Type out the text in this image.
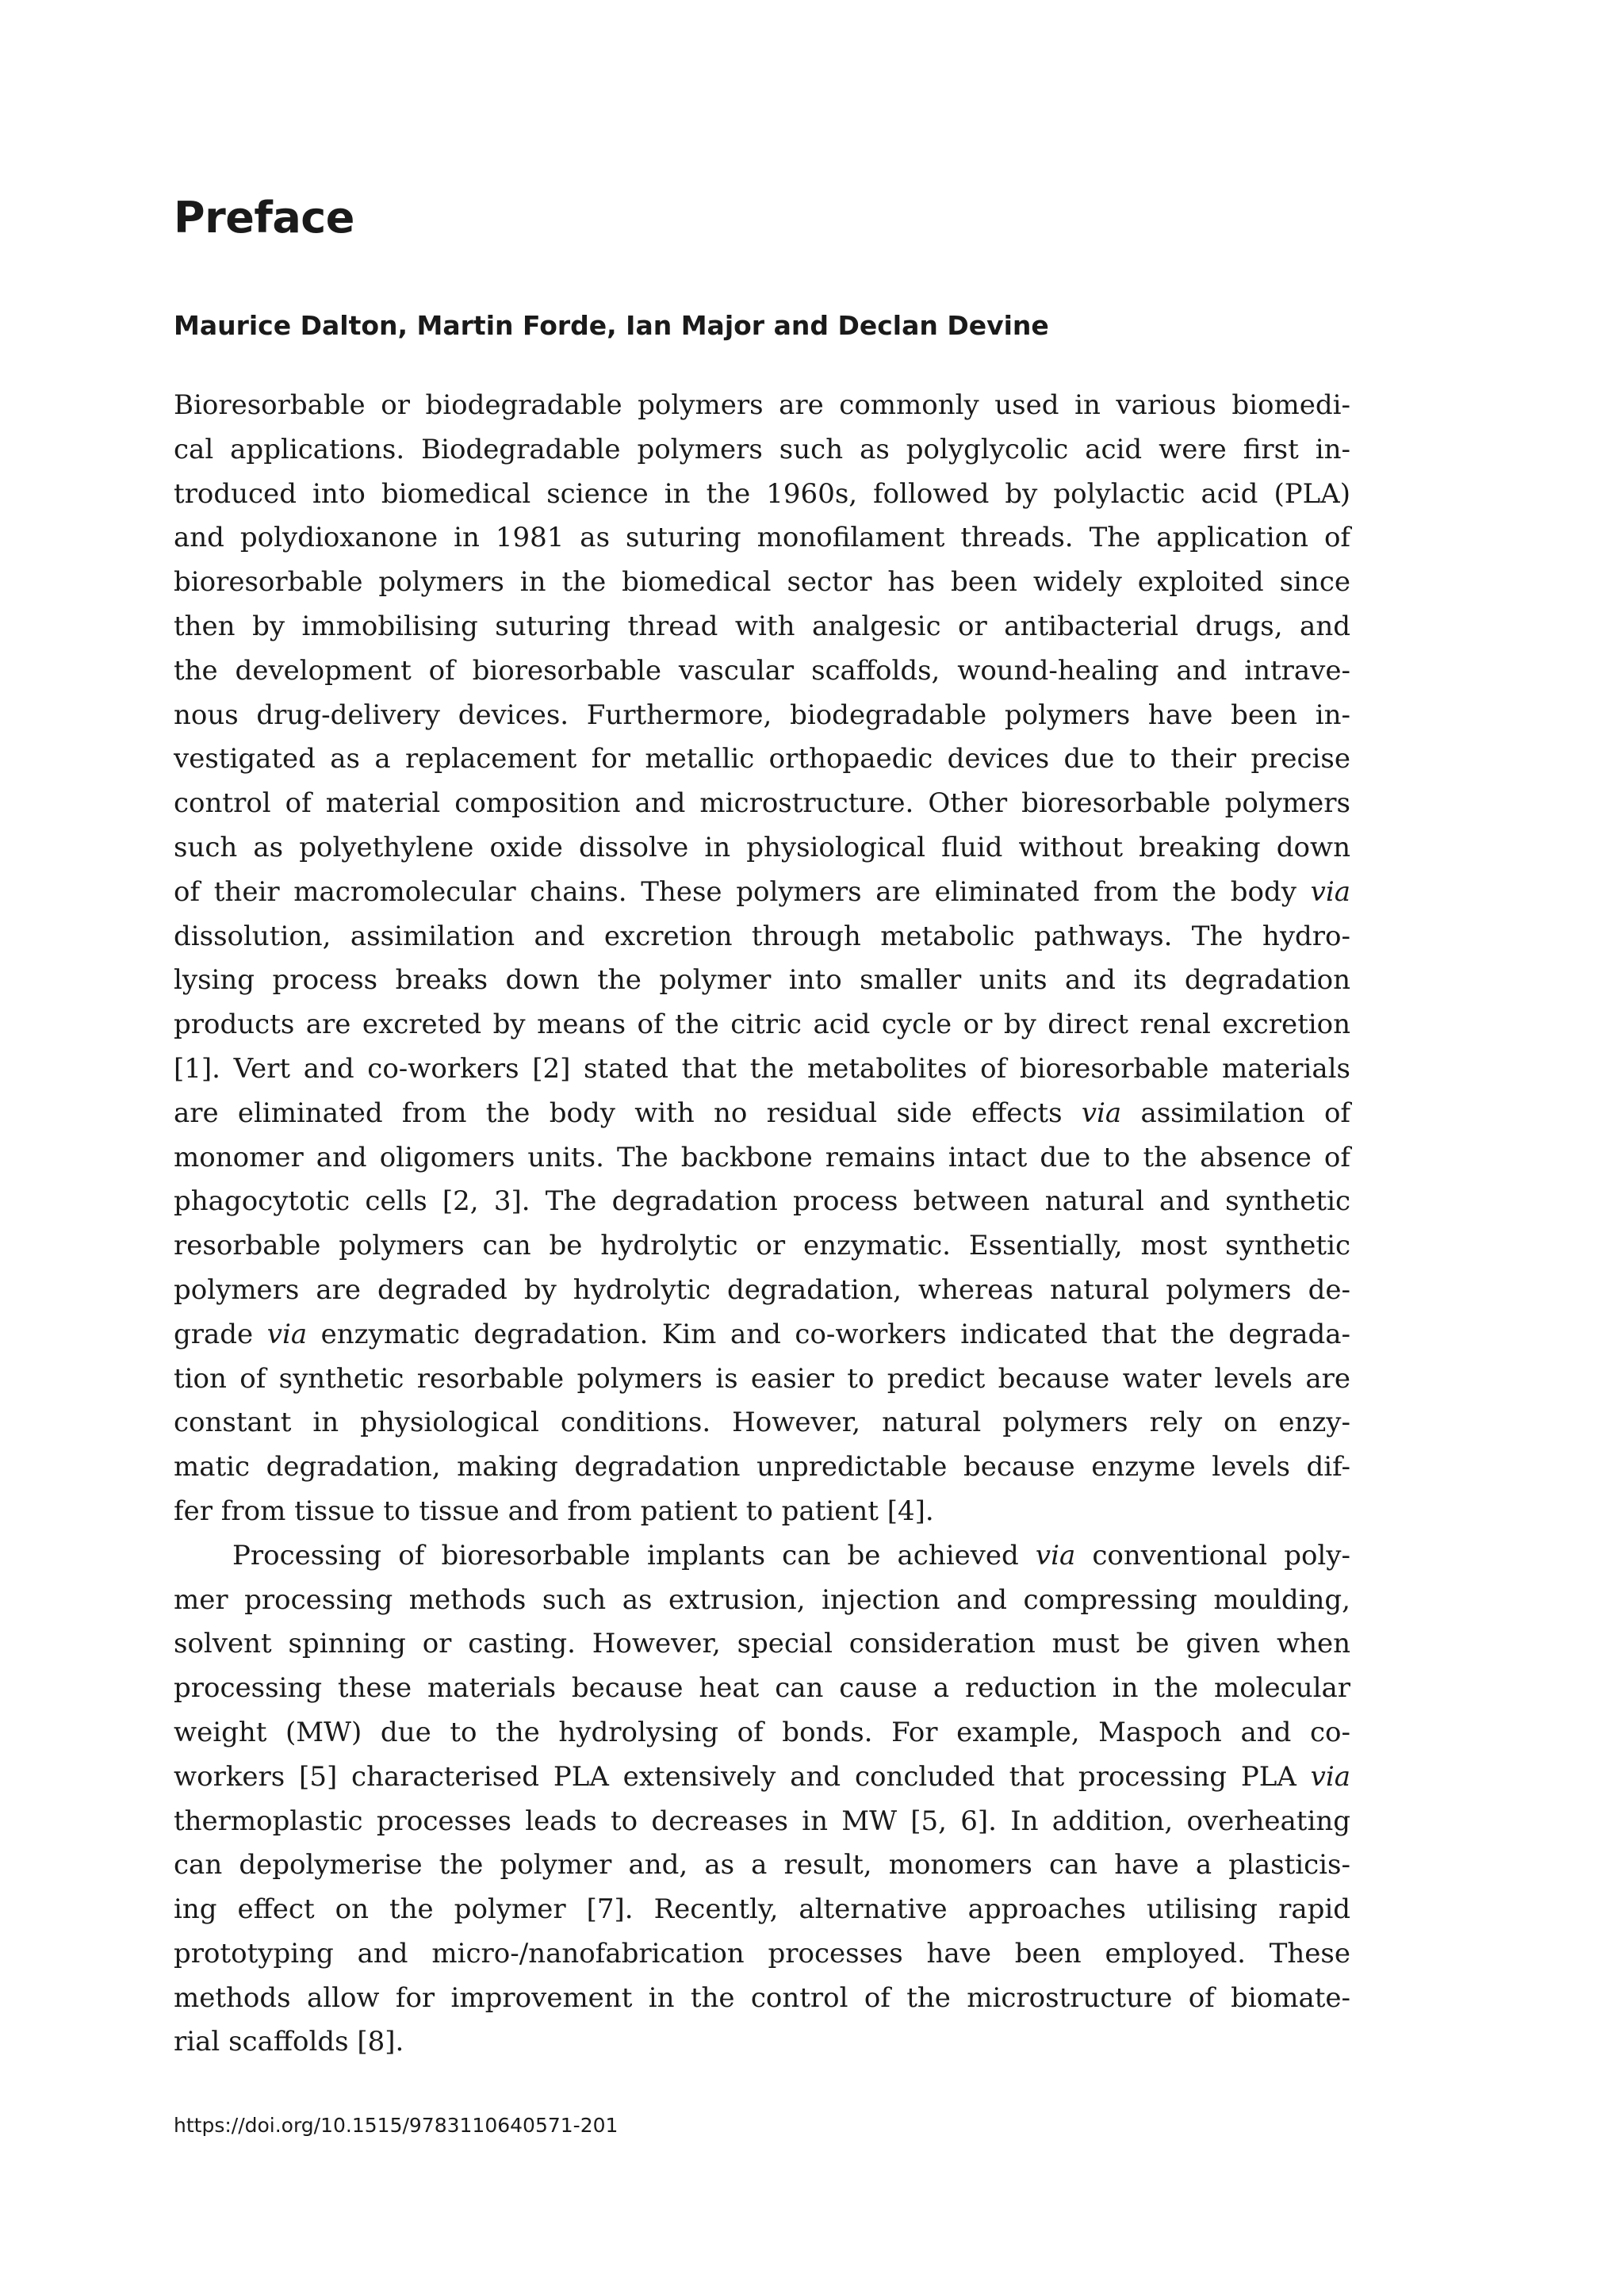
Preface

Maurice Dalton, Martin Forde, Ian Major and Declan Devine

Bioresorbable or biodegradable polymers are commonly used in various biomedi-
cal applications. Biodegradable polymers such as polyglycolic acid were first in-
troduced into biomedical science in the 1960s, followed by polylactic acid (PLA)
and polydioxanone in 1981 as suturing monofilament threads. The application of
bioresorbable polymers in the biomedical sector has been widely exploited since
then by immobilising suturing thread with analgesic or antibacterial drugs, and
the development of bioresorbable vascular scaffolds, wound-healing and intrave-
nous drug-delivery devices. Furthermore, biodegradable polymers have been in-
vestigated as a replacement for metallic orthopaedic devices due to their precise
control of material composition and microstructure. Other bioresorbable polymers
such as polyethylene oxide dissolve in physiological fluid without breaking down
of their macromolecular chains. These polymers are eliminated from the body via
dissolution, assimilation and excretion through metabolic pathways. The hydro-
lysing process breaks down the polymer into smaller units and its degradation
products are excreted by means of the citric acid cycle or by direct renal excretion
[1]. Vert and co-workers [2] stated that the metabolites of bioresorbable materials
are eliminated from the body with no residual side effects via assimilation of
monomer and oligomers units. The backbone remains intact due to the absence of
phagocytotic cells [2, 3]. The degradation process between natural and synthetic
resorbable polymers can be hydrolytic or enzymatic. Essentially, most synthetic
polymers are degraded by hydrolytic degradation, whereas natural polymers de-
grade via enzymatic degradation. Kim and co-workers indicated that the degrada-
tion of synthetic resorbable polymers is easier to predict because water levels are
constant in physiological conditions. However, natural polymers rely on enzy-
matic degradation, making degradation unpredictable because enzyme levels dif-
fer from tissue to tissue and from patient to patient [4].
Processing of bioresorbable implants can be achieved via conventional poly-
mer processing methods such as extrusion, injection and compressing moulding,
solvent spinning or casting. However, special consideration must be given when
processing these materials because heat can cause a reduction in the molecular
weight (MW) due to the hydrolysing of bonds. For example, Maspoch and co-
workers [5] characterised PLA extensively and concluded that processing PLA via
thermoplastic processes leads to decreases in MW [5, 6]. In addition, overheating
can depolymerise the polymer and, as a result, monomers can have a plasticis-
ing effect on the polymer [7]. Recently, alternative approaches utilising rapid
prototyping and micro-/nanofabrication processes have been employed. These
methods allow for improvement in the control of the microstructure of biomate-
rial scaffolds [8].

https://doi.org/10.1515/9783110640571-201
